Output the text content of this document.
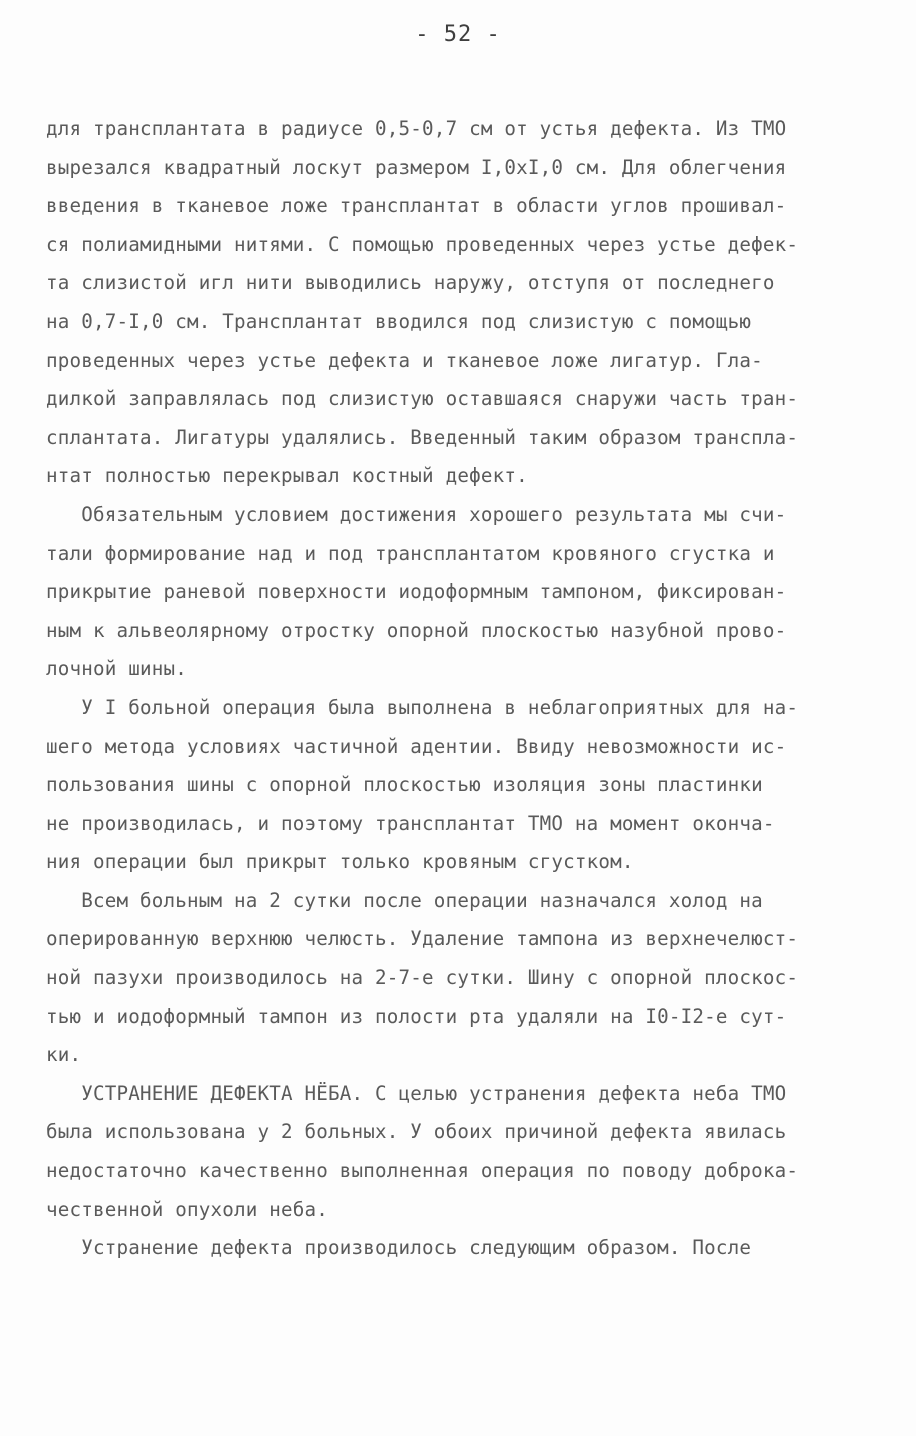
- 52 -
для трансплантата в радиусе 0,5-0,7 см от устья дефекта. Из ТМО
вырезался квадратный лоскут размером I,0хI,0 см. Для облегчения
введения в тканевое ложе трансплантат в области углов прошивал-
ся полиамидными нитями. С помощью проведенных через устье дефек-
та слизистой игл нити выводились наружу, отступя от последнего
на 0,7-I,0 см. Трансплантат вводился под слизистую с помощью
проведенных через устье дефекта и тканевое ложе лигатур. Гла-
дилкой заправлялась под слизистую оставшаяся снаружи часть тран-
сплантата. Лигатуры удалялись. Введенный таким образом транспла-
нтат полностью перекрывал костный дефект.
Обязательным условием достижения хорошего результата мы счи-
тали формирование над и под трансплантатом кровяного сгустка и
прикрытие раневой поверхности иодоформным тампоном, фиксирован-
ным к альвеолярному отростку опорной плоскостью назубной прово-
лочной шины.
У I больной операция была выполнена в неблагоприятных для на-
шего метода условиях частичной адентии. Ввиду невозможности ис-
пользования шины с опорной плоскостью изоляция зоны пластинки
не производилась, и поэтому трансплантат ТМО на момент оконча-
ния операции был прикрыт только кровяным сгустком.
Всем больным на 2 сутки после операции назначался холод на
оперированную верхнюю челюсть. Удаление тампона из верхнечелюст-
ной пазухи производилось на 2-7-е сутки. Шину с опорной плоскос-
тью и иодоформный тампон из полости рта удаляли на I0-I2-е сут-
ки.
УСТРАНЕНИЕ ДЕФЕКТА НЁБА. С целью устранения дефекта неба ТМО
была использована у 2 больных. У обоих причиной дефекта явилась
недостаточно качественно выполненная операция по поводу доброка-
чественной опухоли неба.
Устранение дефекта производилось следующим образом. После
